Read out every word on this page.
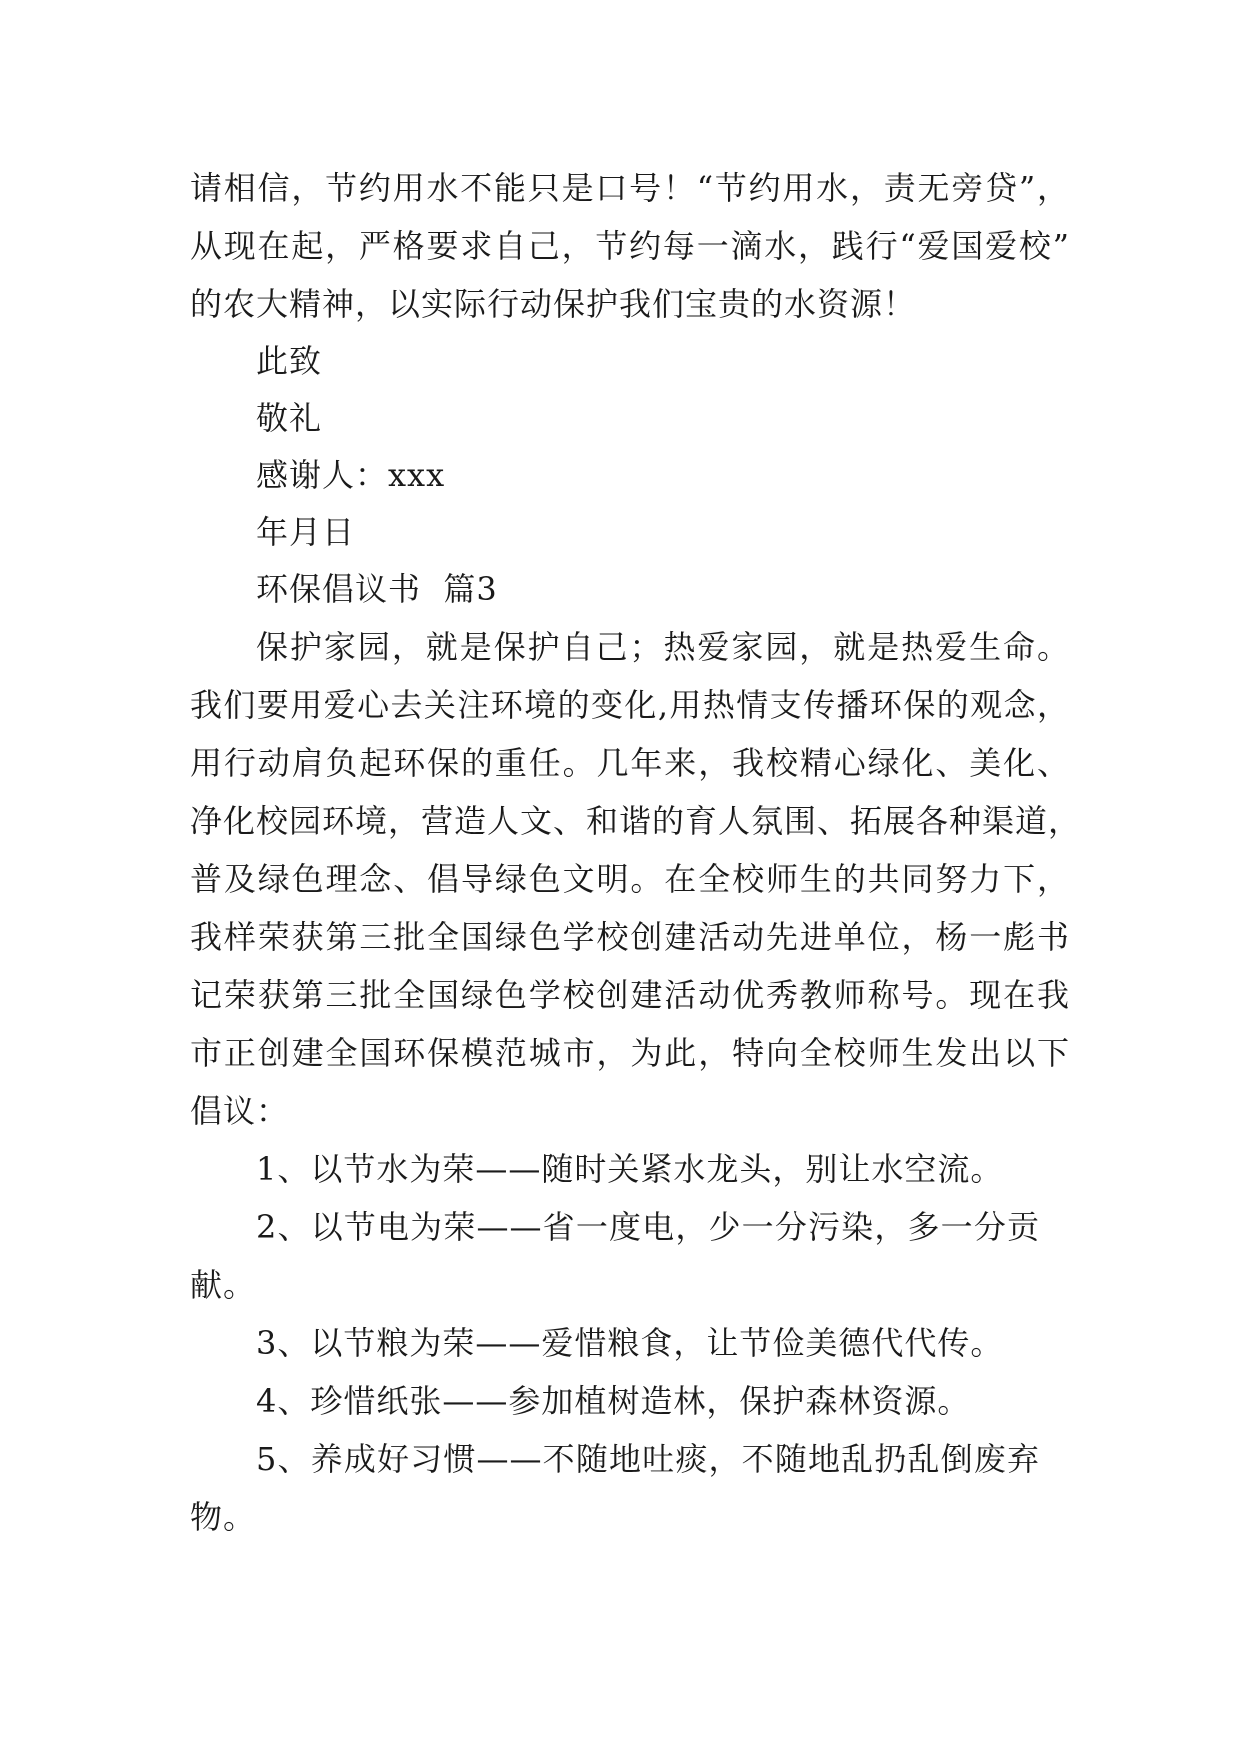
请相信，节约用水不能只是口号！“节约用水，责无旁贷”，
从现在起，严格要求自己，节约每一滴水，践行“爱国爱校”
的农大精神，以实际行动保护我们宝贵的水资源！
此致
敬礼
感谢人：xxx
年月日
环保倡议书  篇3
保护家园，就是保护自己；热爱家园，就是热爱生命。
我们要用爱心去关注环境的变化,用热情支传播环保的观念，
用行动肩负起环保的重任。几年来，我校精心绿化、美化、
净化校园环境，营造人文、和谐的育人氛围、拓展各种渠道，
普及绿色理念、倡导绿色文明。在全校师生的共同努力下，
我样荣获第三批全国绿色学校创建活动先进单位，杨一彪书
记荣获第三批全国绿色学校创建活动优秀教师称号。现在我
市正创建全国环保模范城市，为此，特向全校师生发出以下
倡议：
1、以节水为荣——随时关紧水龙头，别让水空流。
2、以节电为荣——省一度电，少一分污染，多一分贡
献。
3、以节粮为荣——爱惜粮食，让节俭美德代代传。
4、珍惜纸张——参加植树造林，保护森林资源。
5、养成好习惯——不随地吐痰，不随地乱扔乱倒废弃
物。
